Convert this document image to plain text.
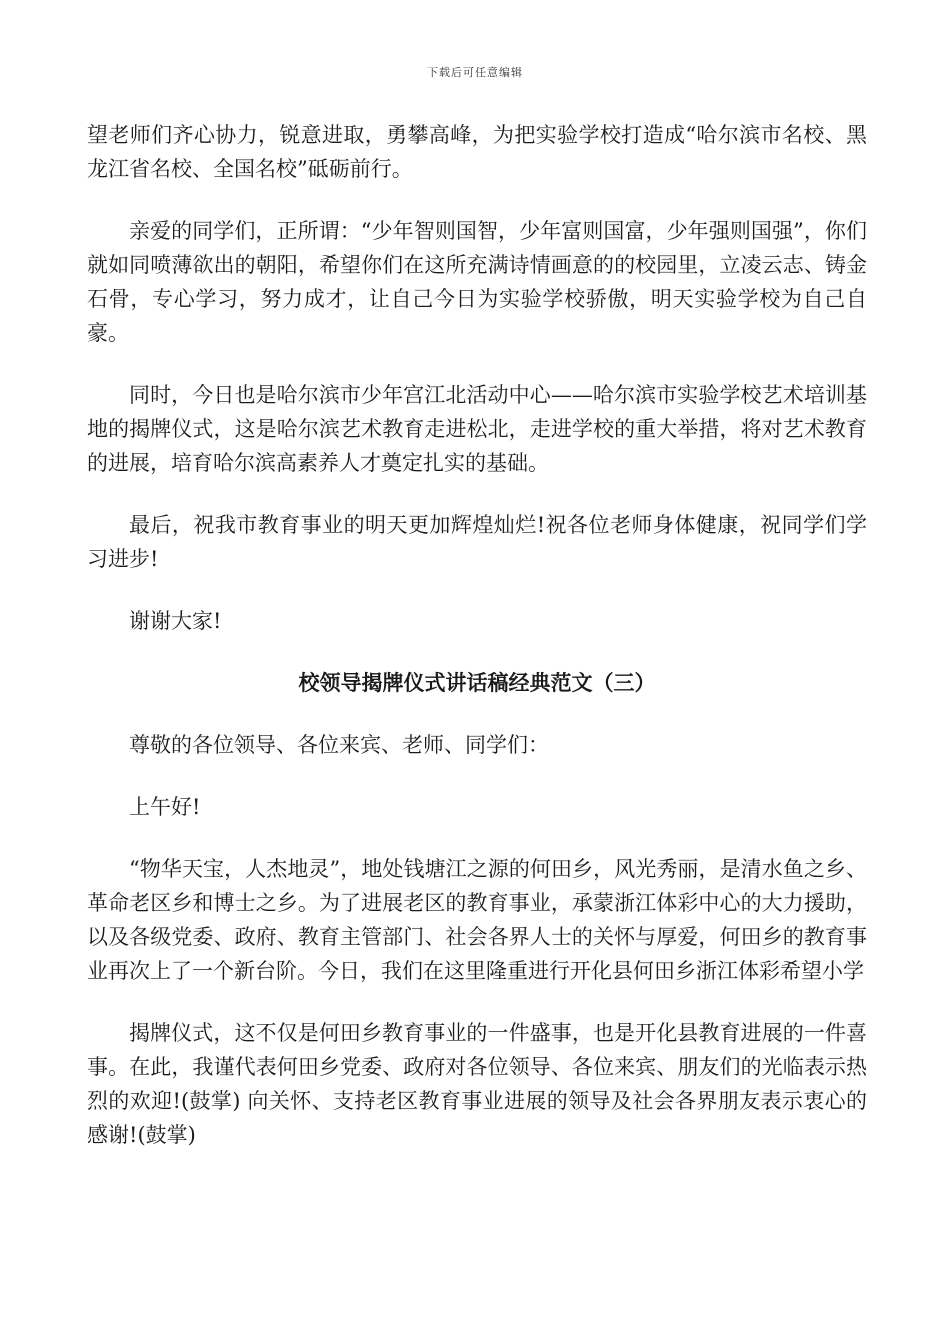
下载后可任意编辑

望老师们齐心协力，锐意进取，勇攀高峰，为把实验学校打造成“哈尔滨市名校、黑龙江省名校、全国名校”砥砺前行。

亲爱的同学们，正所谓：“少年智则国智，少年富则国富，少年强则国强”，你们就如同喷薄欲出的朝阳，希望你们在这所充满诗情画意的的校园里，立凌云志、铸金石骨，专心学习，努力成才，让自己今日为实验学校骄傲，明天实验学校为自己自豪。

同时，今日也是哈尔滨市少年宫江北活动中心——哈尔滨市实验学校艺术培训基地的揭牌仪式，这是哈尔滨艺术教育走进松北，走进学校的重大举措，将对艺术教育的进展，培育哈尔滨高素养人才奠定扎实的基础。

最后，祝我市教育事业的明天更加辉煌灿烂!祝各位老师身体健康，祝同学们学习进步!

谢谢大家!

校领导揭牌仪式讲话稿经典范文（三）

尊敬的各位领导、各位来宾、老师、同学们：

上午好!

“物华天宝，人杰地灵”，地处钱塘江之源的何田乡，风光秀丽，是清水鱼之乡、革命老区乡和博士之乡。为了进展老区的教育事业，承蒙浙江体彩中心的大力援助，以及各级党委、政府、教育主管部门、社会各界人士的关怀与厚爱，何田乡的教育事业再次上了一个新台阶。今日，我们在这里隆重进行开化县何田乡浙江体彩希望小学

揭牌仪式，这不仅是何田乡教育事业的一件盛事，也是开化县教育进展的一件喜事。在此，我谨代表何田乡党委、政府对各位领导、各位来宾、朋友们的光临表示热烈的欢迎!(鼓掌) 向关怀、支持老区教育事业进展的领导及社会各界朋友表示衷心的感谢!(鼓掌)
